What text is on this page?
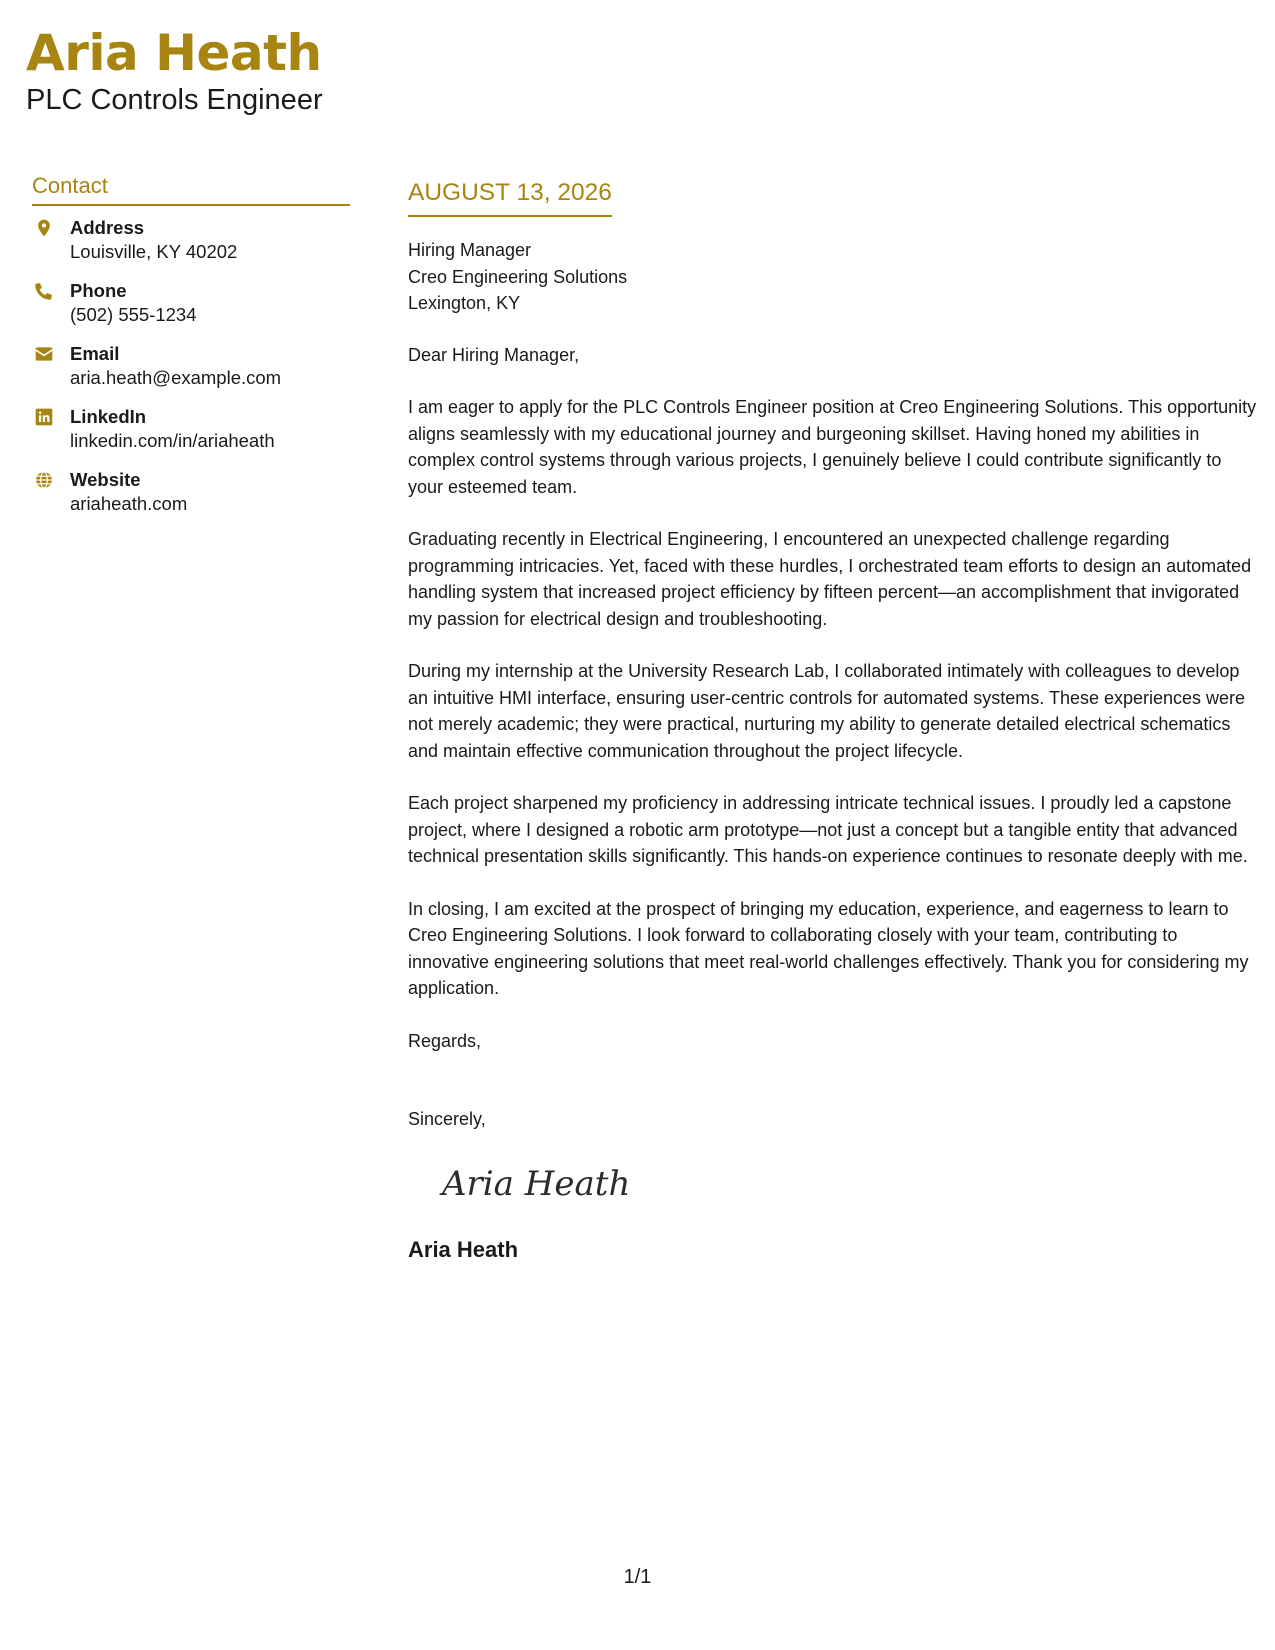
Aria Heath
PLC Controls Engineer
Contact
Address
Louisville, KY 40202
Phone
(502) 555-1234
Email
aria.heath@example.com
LinkedIn
linkedin.com/in/ariaheath
Website
ariaheath.com
AUGUST 13, 2026
Hiring Manager
Creo Engineering Solutions
Lexington, KY

Dear Hiring Manager,

I am eager to apply for the PLC Controls Engineer position at Creo Engineering Solutions. This opportunity aligns seamlessly with my educational journey and burgeoning skillset. Having honed my abilities in complex control systems through various projects, I genuinely believe I could contribute significantly to your esteemed team.

Graduating recently in Electrical Engineering, I encountered an unexpected challenge regarding programming intricacies. Yet, faced with these hurdles, I orchestrated team efforts to design an automated handling system that increased project efficiency by fifteen percent—an accomplishment that invigorated my passion for electrical design and troubleshooting.

During my internship at the University Research Lab, I collaborated intimately with colleagues to develop an intuitive HMI interface, ensuring user-centric controls for automated systems. These experiences were not merely academic; they were practical, nurturing my ability to generate detailed electrical schematics and maintain effective communication throughout the project lifecycle.

Each project sharpened my proficiency in addressing intricate technical issues. I proudly led a capstone project, where I designed a robotic arm prototype—not just a concept but a tangible entity that advanced technical presentation skills significantly. This hands-on experience continues to resonate deeply with me.

In closing, I am excited at the prospect of bringing my education, experience, and eagerness to learn to Creo Engineering Solutions. I look forward to collaborating closely with your team, contributing to innovative engineering solutions that meet real-world challenges effectively. Thank you for considering my application.

Regards,

Sincerely,

Aria Heath

Aria Heath

1/1
